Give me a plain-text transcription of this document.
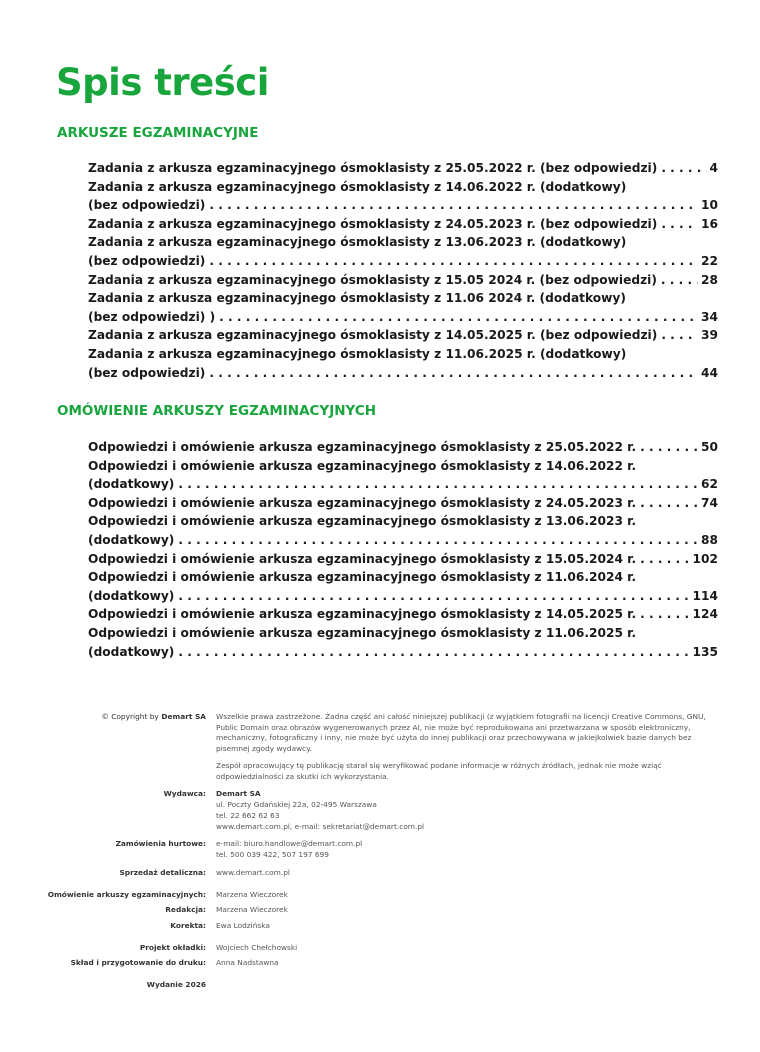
Spis treści
ARKUSZE EGZAMINACYJNE
Zadania z arkusza egzaminacyjnego ósmoklasisty z 25.05.2022 r. (bez odpowiedzi) . . .	4
Zadania z arkusza egzaminacyjnego ósmoklasisty z 14.06.2022 r. (dodatkowy)
(bez odpowiedzi) . . .	10
Zadania z arkusza egzaminacyjnego ósmoklasisty z 24.05.2023 r. (bez odpowiedzi) . . .	16
Zadania z arkusza egzaminacyjnego ósmoklasisty z 13.06.2023 r. (dodatkowy)
(bez odpowiedzi) . . .	22
Zadania z arkusza egzaminacyjnego ósmoklasisty z 15.05 2024 r. (bez odpowiedzi) . . .	28
Zadania z arkusza egzaminacyjnego ósmoklasisty z 11.06 2024 r. (dodatkowy)
(bez odpowiedzi) ) . . .	34
Zadania z arkusza egzaminacyjnego ósmoklasisty z 14.05.2025 r. (bez odpowiedzi) . . .	39
Zadania z arkusza egzaminacyjnego ósmoklasisty z 11.06.2025 r. (dodatkowy)
(bez odpowiedzi) . . .	44
OMÓWIENIE ARKUSZY EGZAMINACYJNYCH
Odpowiedzi i omówienie arkusza egzaminacyjnego ósmoklasisty z 25.05.2022 r. . . .	50
Odpowiedzi i omówienie arkusza egzaminacyjnego ósmoklasisty z 14.06.2022 r.
(dodatkowy) . . .	62
Odpowiedzi i omówienie arkusza egzaminacyjnego ósmoklasisty z 24.05.2023 r. . . .	74
Odpowiedzi i omówienie arkusza egzaminacyjnego ósmoklasisty z 13.06.2023 r.
(dodatkowy) . . .	88
Odpowiedzi i omówienie arkusza egzaminacyjnego ósmoklasisty z 15.05.2024 r. . . .	102
Odpowiedzi i omówienie arkusza egzaminacyjnego ósmoklasisty z 11.06.2024 r.
(dodatkowy) . . .	114
Odpowiedzi i omówienie arkusza egzaminacyjnego ósmoklasisty z 14.05.2025 r. . . .	124
Odpowiedzi i omówienie arkusza egzaminacyjnego ósmoklasisty z 11.06.2025 r.
(dodatkowy) . . .	135
© Copyright by Demart SA	Wszelkie prawa zastrzeżone. Żadna część ani całość niniejszej publikacji (z wyjątkiem fotografii na licencji Creative Commons, GNU, Public Domain oraz obrazów wygenerowanych przez AI, nie może być reprodukowana ani przetwarzana w sposób elektroniczny, mechaniczny, fotograficzny i inny, nie może być użyta do innej publikacji oraz przechowywana w jakiejkolwiek bazie danych bez pisemnej zgody wydawcy.

Zespół opracowujący tę publikację starał się weryfikować podane informacje w różnych źródłach, jednak nie może wziąć odpowiedzialności za skutki ich wykorzystania.

Wydawca:	Demart SA
ul. Poczty Gdańskiej 22a, 02-495 Warszawa
tel. 22 662 62 63
www.demart.com.pl, e-mail: sekretariat@demart.com.pl
Zamówienia hurtowe:	e-mail: biuro.handlowe@demart.com.pl
tel. 500 039 422, 507 197 699
Sprzedaż detaliczna:	www.demart.com.pl
Omówienie arkuszy egzaminacyjnych:	Marzena Wieczorek
Redakcja:	Marzena Wieczorek
Korekta:	Ewa Lodzińska
Projekt okładki:	Wojciech Chełchowski
Skład i przygotowanie do druku:	Anna Nadstawna
Wydanie 2026
